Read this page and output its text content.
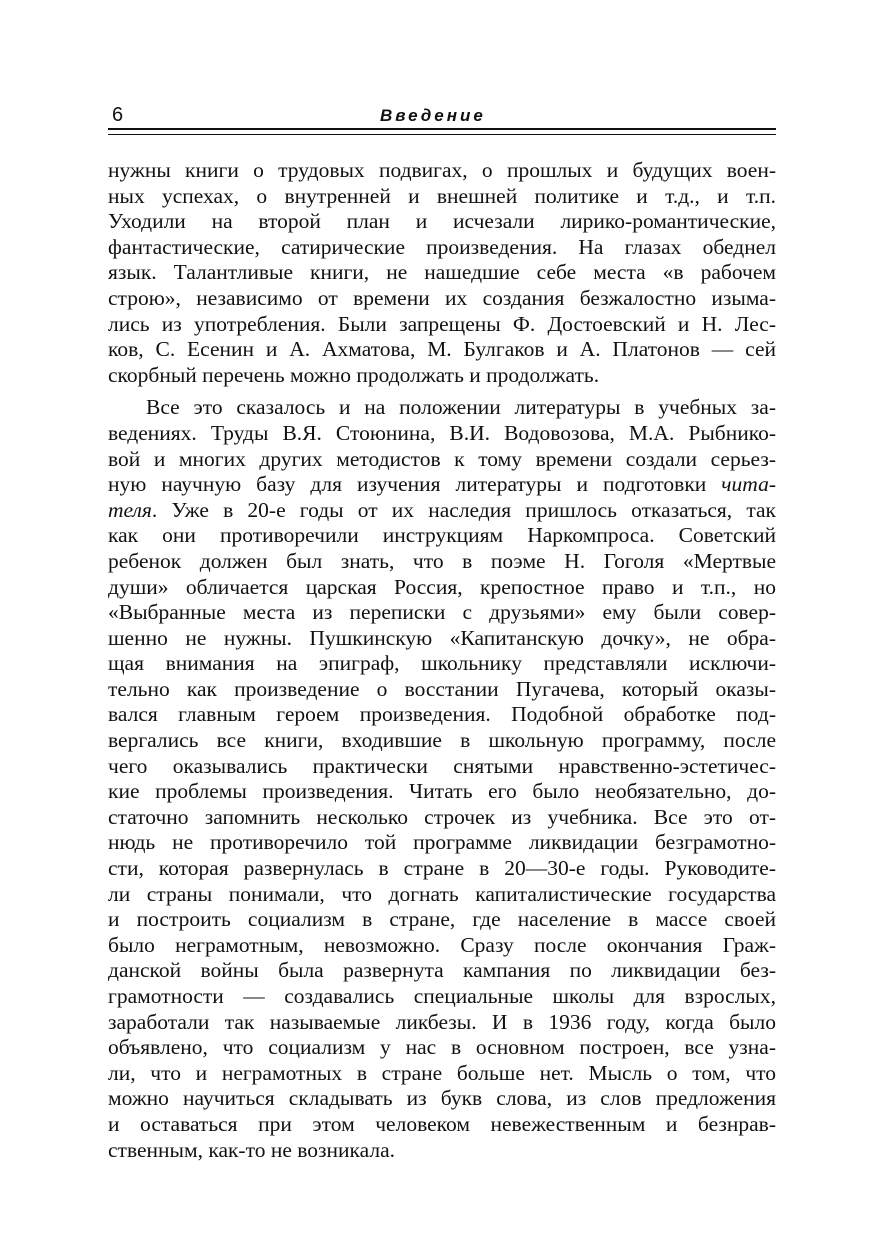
6	Введение
нужны книги о трудовых подвигах, о прошлых и будущих воен-
ных успехах, о внутренней и внешней политике и т.д., и т.п.
Уходили на второй план и исчезали лирико-романтические,
фантастические, сатирические произведения. На глазах обеднел
язык. Талантливые книги, не нашедшие себе места «в рабочем
строю», независимо от времени их создания безжалостно изыма-
лись из употребления. Были запрещены Ф. Достоевский и Н. Лес-
ков, С. Есенин и А. Ахматова, М. Булгаков и А. Платонов — сей
скорбный перечень можно продолжать и продолжать.
Все это сказалось и на положении литературы в учебных за-
ведениях. Труды В.Я. Стоюнина, В.И. Водовозова, М.А. Рыбнико-
вой и многих других методистов к тому времени создали серьез-
ную научную базу для изучения литературы и подготовки чита-
теля. Уже в 20-е годы от их наследия пришлось отказаться, так
как они противоречили инструкциям Наркомпроса. Советский
ребенок должен был знать, что в поэме Н. Гоголя «Мертвые
души» обличается царская Россия, крепостное право и т.п., но
«Выбранные места из переписки с друзьями» ему были совер-
шенно не нужны. Пушкинскую «Капитанскую дочку», не обра-
щая внимания на эпиграф, школьнику представляли исключи-
тельно как произведение о восстании Пугачева, который оказы-
вался главным героем произведения. Подобной обработке под-
вергались все книги, входившие в школьную программу, после
чего оказывались практически снятыми нравственно-эстетичес-
кие проблемы произведения. Читать его было необязательно, до-
статочно запомнить несколько строчек из учебника. Все это от-
нюдь не противоречило той программе ликвидации безграмотно-
сти, которая развернулась в стране в 20—30-е годы. Руководите-
ли страны понимали, что догнать капиталистические государства
и построить социализм в стране, где население в массе своей
было неграмотным, невозможно. Сразу после окончания Граж-
данской войны была развернута кампания по ликвидации без-
грамотности — создавались специальные школы для взрослых,
заработали так называемые ликбезы. И в 1936 году, когда было
объявлено, что социализм у нас в основном построен, все узна-
ли, что и неграмотных в стране больше нет. Мысль о том, что
можно научиться складывать из букв слова, из слов предложения
и оставаться при этом человеком невежественным и безнрав-
ственным, как-то не возникала.
